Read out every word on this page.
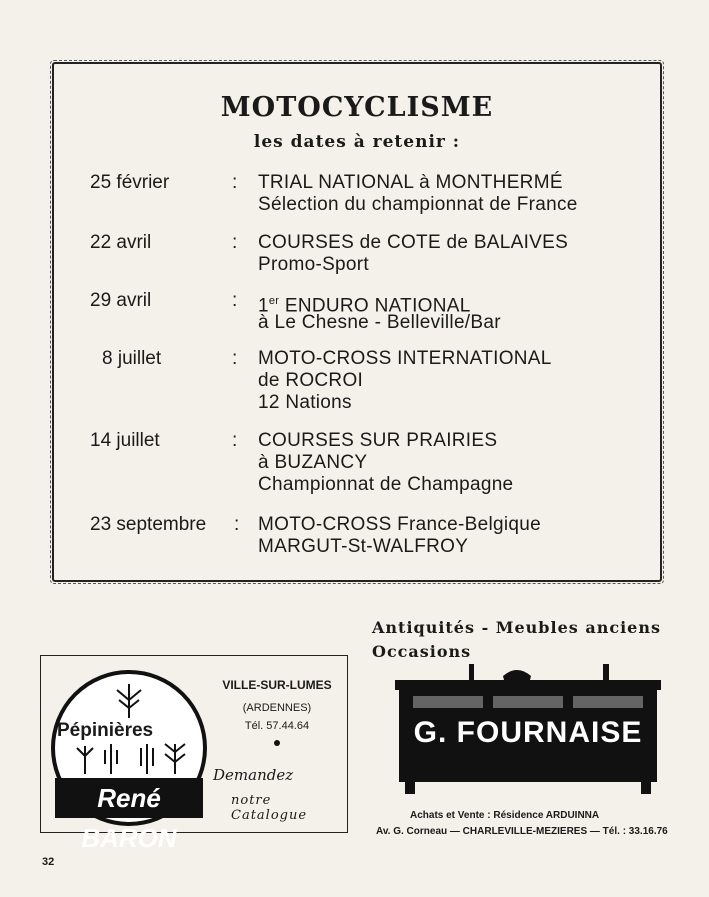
MOTOCYCLISME
les dates à retenir :
25 février	: TRIAL NATIONAL à MONTHERMÉ
Sélection du championnat de France
22 avril	: COURSES de COTE de BALAIVES
Promo-Sport
29 avril	: 1er ENDURO NATIONAL
à Le Chesne - Belleville/Bar
8 juillet	: MOTO-CROSS INTERNATIONAL
de ROCROI
12 Nations
14 juillet	: COURSES SUR PRAIRIES
à BUZANCY
Championnat de Champagne
23 septembre : MOTO-CROSS France-Belgique
MARGUT-St-WALFROY
Pépinières
René BARON
VILLE-SUR-LUMES
(ARDENNES)
Tél. 57.44.64
Demandez
notre Catalogue
Antiquités - Meubles anciens
Occasions
G. FOURNAISE
Achats et Vente : Résidence ARDUINNA
Av. G. Corneau — CHARLEVILLE-MEZIERES — Tél. : 33.16.76
32
